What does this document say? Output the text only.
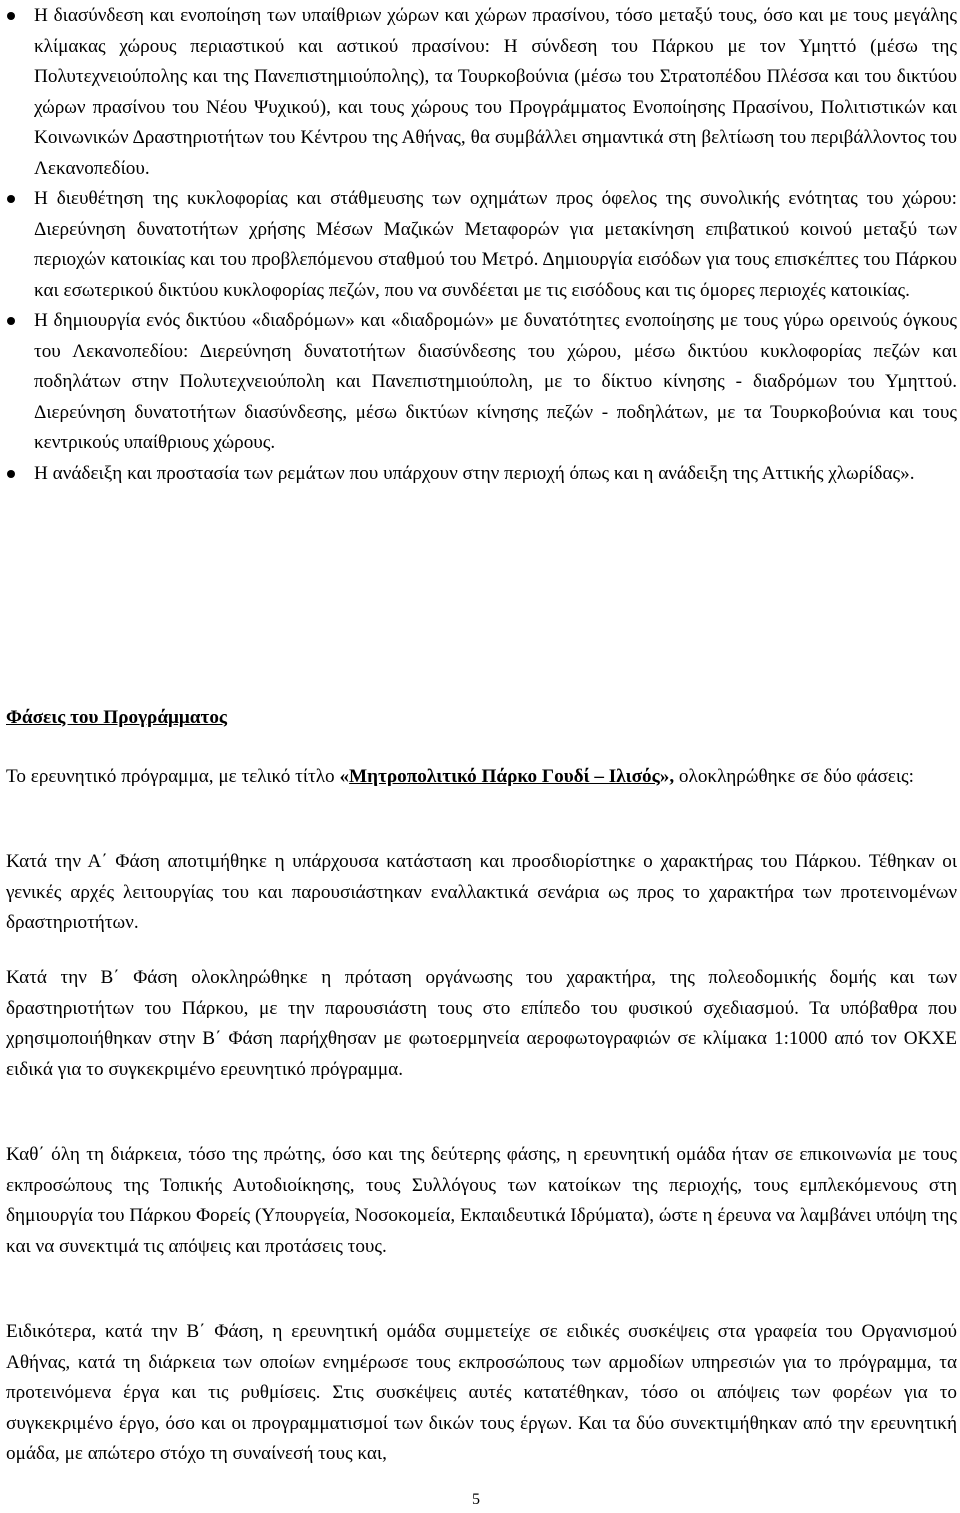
Η διασύνδεση και ενοποίηση των υπαίθριων χώρων και χώρων πρασίνου, τόσο μεταξύ τους, όσο και με τους μεγάλης κλίμακας χώρους περιαστικού και αστικού πρασίνου: Η σύνδεση του Πάρκου με τον Υμηττό (μέσω της Πολυτεχνειούπολης και της Πανεπιστημιούπολης), τα Τουρκοβούνια (μέσω του Στρατοπέδου Πλέσσα και του δικτύου χώρων πρασίνου του Νέου Ψυχικού), και τους χώρους του Προγράμματος Ενοποίησης Πρασίνου, Πολιτιστικών και Κοινωνικών Δραστηριοτήτων του Κέντρου της Αθήνας, θα συμβάλλει σημαντικά στη βελτίωση του περιβάλλοντος του Λεκανοπεδίου.
Η διευθέτηση της κυκλοφορίας και στάθμευσης των οχημάτων προς όφελος της συνολικής ενότητας του χώρου: Διερεύνηση δυνατοτήτων χρήσης Μέσων Μαζικών Μεταφορών για μετακίνηση επιβατικού κοινού μεταξύ των περιοχών κατοικίας και του προβλεπόμενου σταθμού του Μετρό. Δημιουργία εισόδων για τους επισκέπτες του Πάρκου και εσωτερικού δικτύου κυκλοφορίας πεζών, που να συνδέεται με τις εισόδους και τις όμορες περιοχές κατοικίας.
Η δημιουργία ενός δικτύου «διαδρόμων» και «διαδρομών» με δυνατότητες ενοποίησης με τους γύρω ορεινούς όγκους του Λεκανοπεδίου: Διερεύνηση δυνατοτήτων διασύνδεσης του χώρου, μέσω δικτύου κυκλοφορίας πεζών και ποδηλάτων στην Πολυτεχνειούπολη και Πανεπιστημιούπολη, με το δίκτυο κίνησης - διαδρόμων του Υμηττού. Διερεύνηση δυνατοτήτων διασύνδεσης, μέσω δικτύων κίνησης πεζών - ποδηλάτων, με τα Τουρκοβούνια και τους κεντρικούς υπαίθριους χώρους.
Η ανάδειξη και προστασία των ρεμάτων που υπάρχουν στην περιοχή όπως και η ανάδειξη της Αττικής χλωρίδας».
Φάσεις του Προγράμματος

Το ερευνητικό πρόγραμμα, με τελικό τίτλο «Μητροπολιτικό Πάρκο Γουδί – Ιλισός», ολοκληρώθηκε σε δύο φάσεις:

Κατά την Α΄ Φάση αποτιμήθηκε η υπάρχουσα κατάσταση και προσδιορίστηκε ο χαρακτήρας του Πάρκου. Τέθηκαν οι γενικές αρχές λειτουργίας του και παρουσιάστηκαν εναλλακτικά σενάρια ως προς το χαρακτήρα των προτεινομένων δραστηριοτήτων.

Κατά την Β΄ Φάση ολοκληρώθηκε η πρόταση οργάνωσης του χαρακτήρα, της πολεοδομικής δομής και των δραστηριοτήτων του Πάρκου, με την παρουσιάστη τους στο επίπεδο του φυσικού σχεδιασμού. Τα υπόβαθρα που χρησιμοποιήθηκαν στην Β΄ Φάση παρήχθησαν με φωτοερμηνεία αεροφωτογραφιών σε κλίμακα 1:1000 από τον ΟΚΧΕ ειδικά για το συγκεκριμένο ερευνητικό πρόγραμμα.

Καθ΄ όλη τη διάρκεια, τόσο της πρώτης, όσο και της δεύτερης φάσης, η ερευνητική ομάδα ήταν σε επικοινωνία με τους εκπροσώπους της Τοπικής Αυτοδιοίκησης, τους Συλλόγους των κατοίκων της περιοχής, τους εμπλεκόμενους στη δημιουργία του Πάρκου Φορείς (Υπουργεία, Νοσοκομεία, Εκπαιδευτικά Ιδρύματα), ώστε η έρευνα να λαμβάνει υπόψη της και να συνεκτιμά τις απόψεις και προτάσεις τους.

Ειδικότερα, κατά την Β΄ Φάση, η ερευνητική ομάδα συμμετείχε σε ειδικές συσκέψεις στα γραφεία του Οργανισμού Αθήνας, κατά τη διάρκεια των οποίων ενημέρωσε τους εκπροσώπους των αρμοδίων υπηρεσιών για το πρόγραμμα, τα προτεινόμενα έργα και τις ρυθμίσεις. Στις συσκέψεις αυτές κατατέθηκαν, τόσο οι απόψεις των φορέων για το συγκεκριμένο έργο, όσο και οι προγραμματισμοί των δικών τους έργων. Και τα δύο συνεκτιμήθηκαν από την ερευνητική ομάδα, με απώτερο στόχο τη συναίνεσή τους και,

5
